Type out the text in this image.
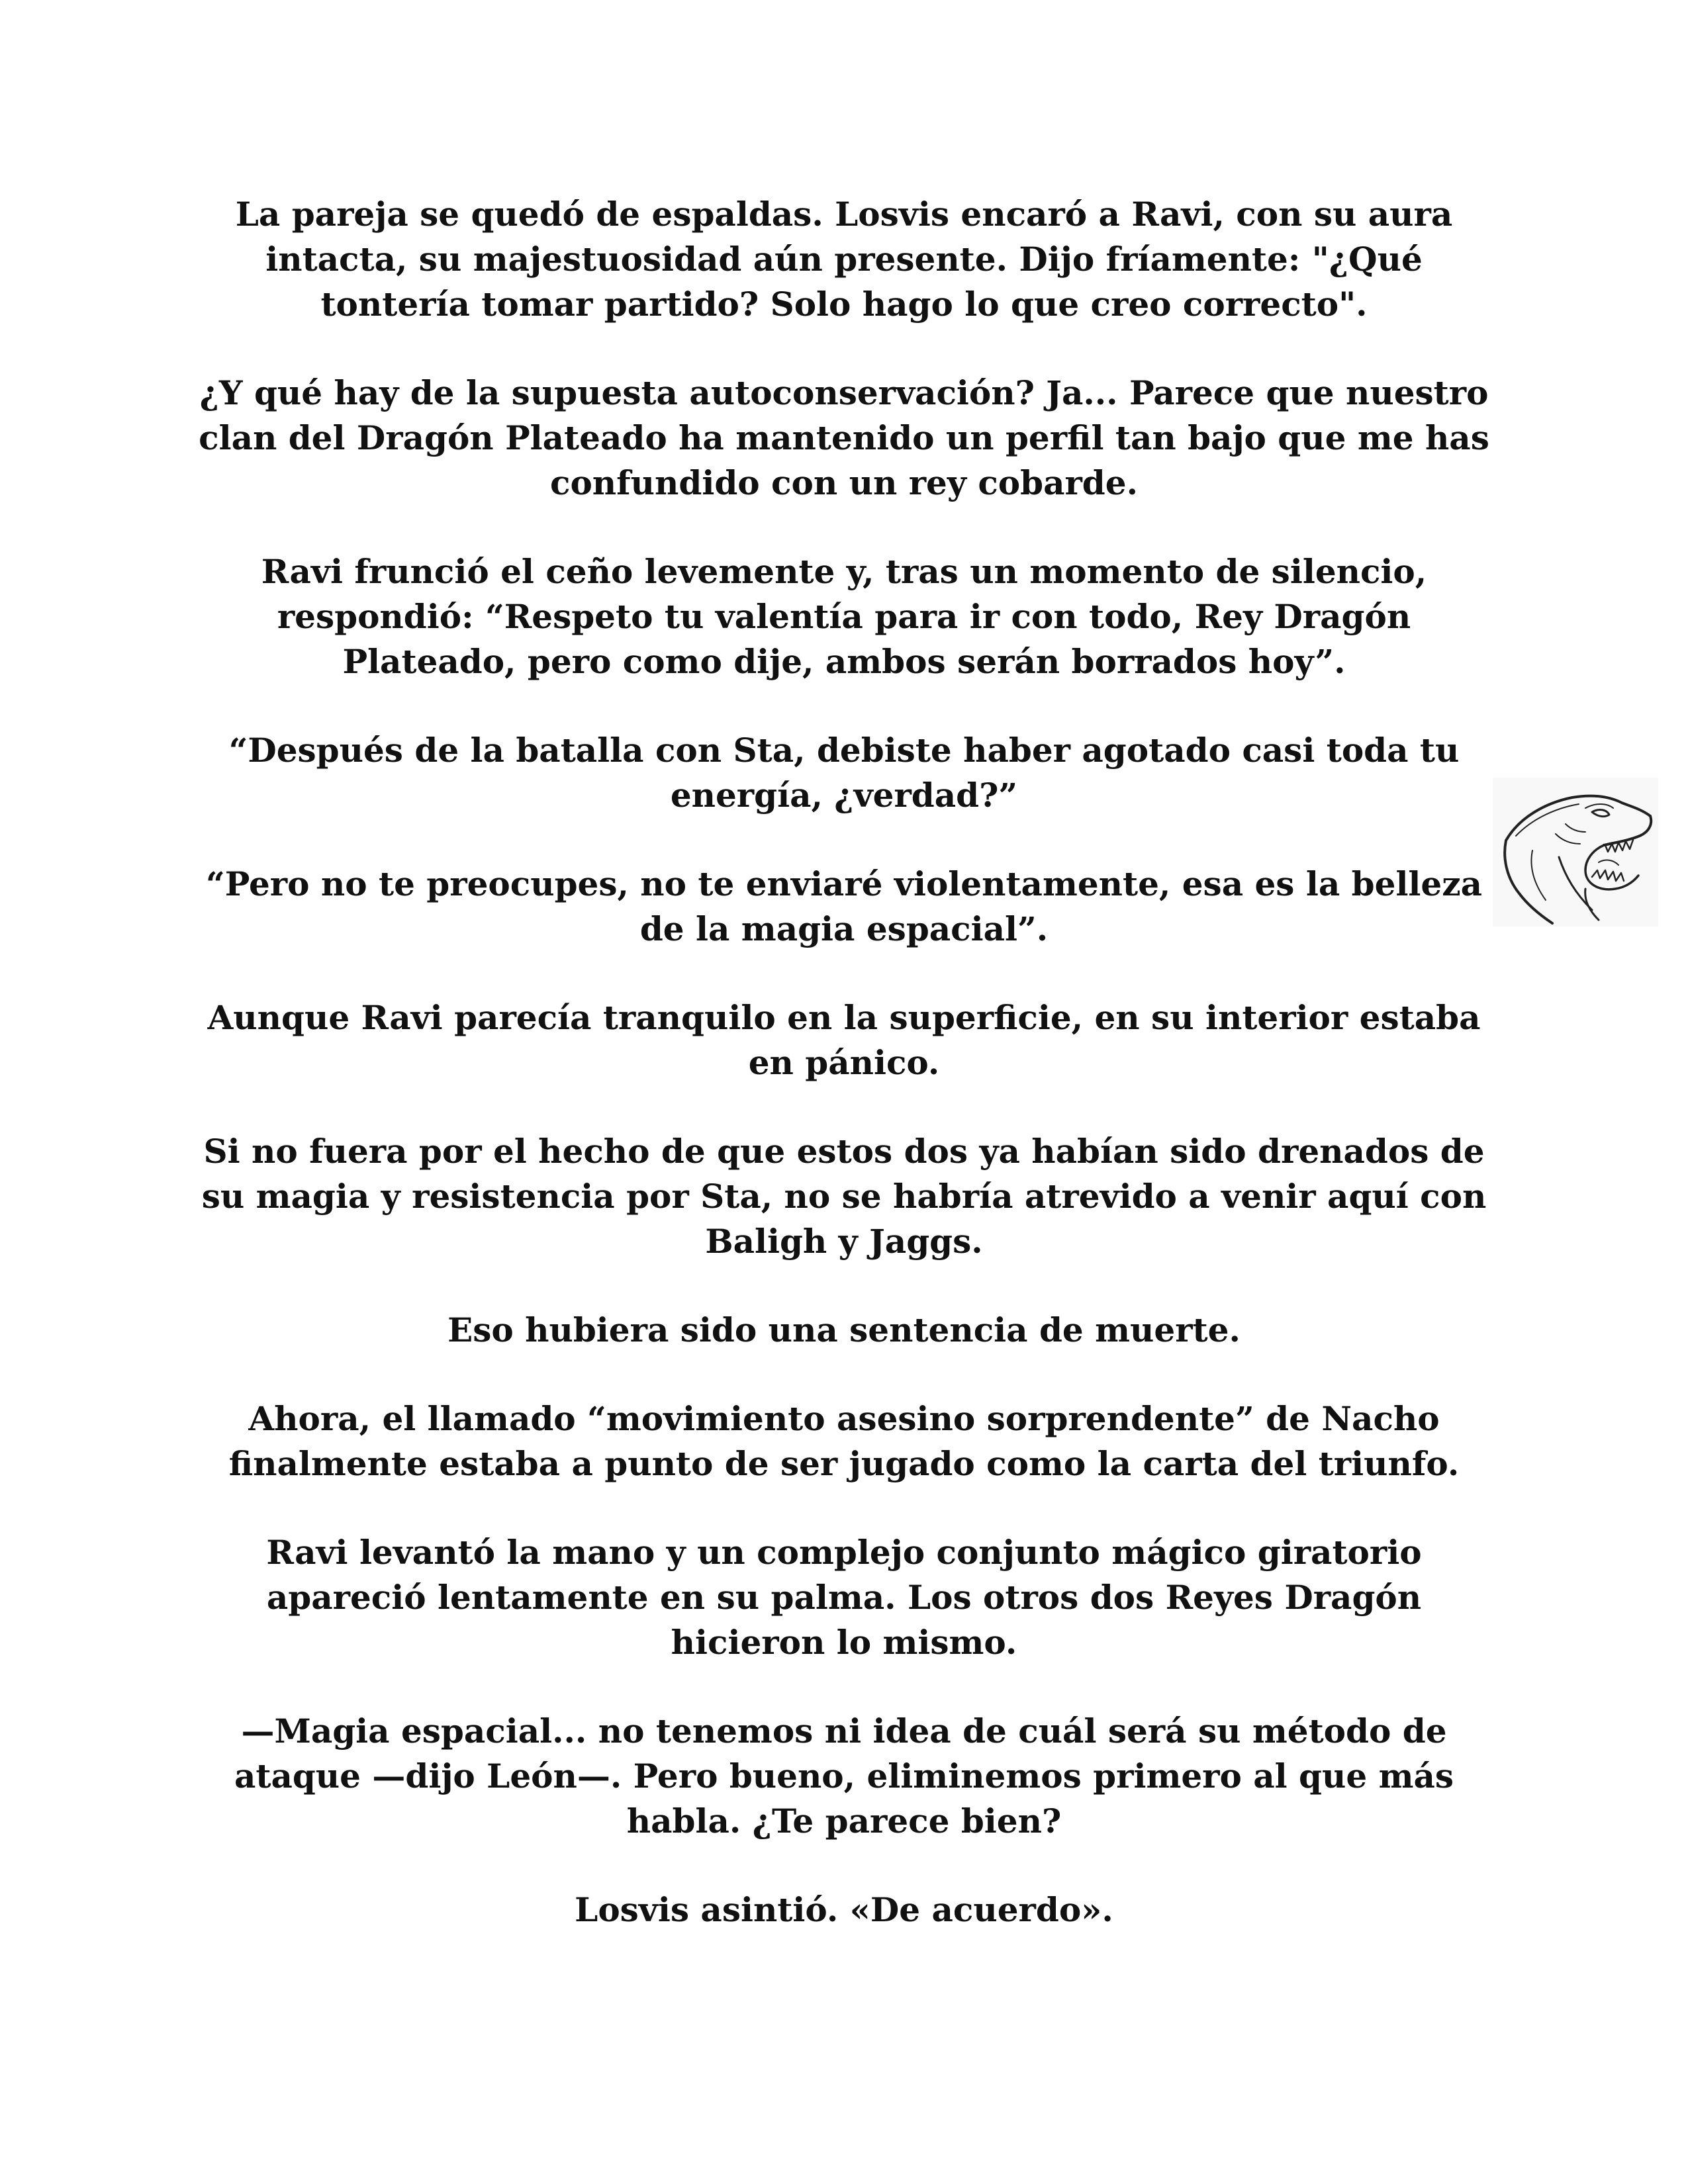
La pareja se quedó de espaldas. Losvis encaró a Ravi, con su aura intacta, su majestuosidad aún presente. Dijo fríamente: "¿Qué tontería tomar partido? Solo hago lo que creo correcto".

¿Y qué hay de la supuesta autoconservación? Ja... Parece que nuestro clan del Dragón Plateado ha mantenido un perfil tan bajo que me has confundido con un rey cobarde.

Ravi frunció el ceño levemente y, tras un momento de silencio, respondió: “Respeto tu valentía para ir con todo, Rey Dragón Plateado, pero como dije, ambos serán borrados hoy”.

“Después de la batalla con Sta, debiste haber agotado casi toda tu energía, ¿verdad?”

“Pero no te preocupes, no te enviaré violentamente, esa es la belleza de la magia espacial”.

Aunque Ravi parecía tranquilo en la superficie, en su interior estaba en pánico.

Si no fuera por el hecho de que estos dos ya habían sido drenados de su magia y resistencia por Sta, no se habría atrevido a venir aquí con Baligh y Jaggs.

Eso hubiera sido una sentencia de muerte.

Ahora, el llamado “movimiento asesino sorprendente” de Nacho finalmente estaba a punto de ser jugado como la carta del triunfo.

Ravi levantó la mano y un complejo conjunto mágico giratorio apareció lentamente en su palma. Los otros dos Reyes Dragón hicieron lo mismo.

—Magia espacial... no tenemos ni idea de cuál será su método de ataque —dijo León—. Pero bueno, eliminemos primero al que más habla. ¿Te parece bien?

Losvis asintió. «De acuerdo».
